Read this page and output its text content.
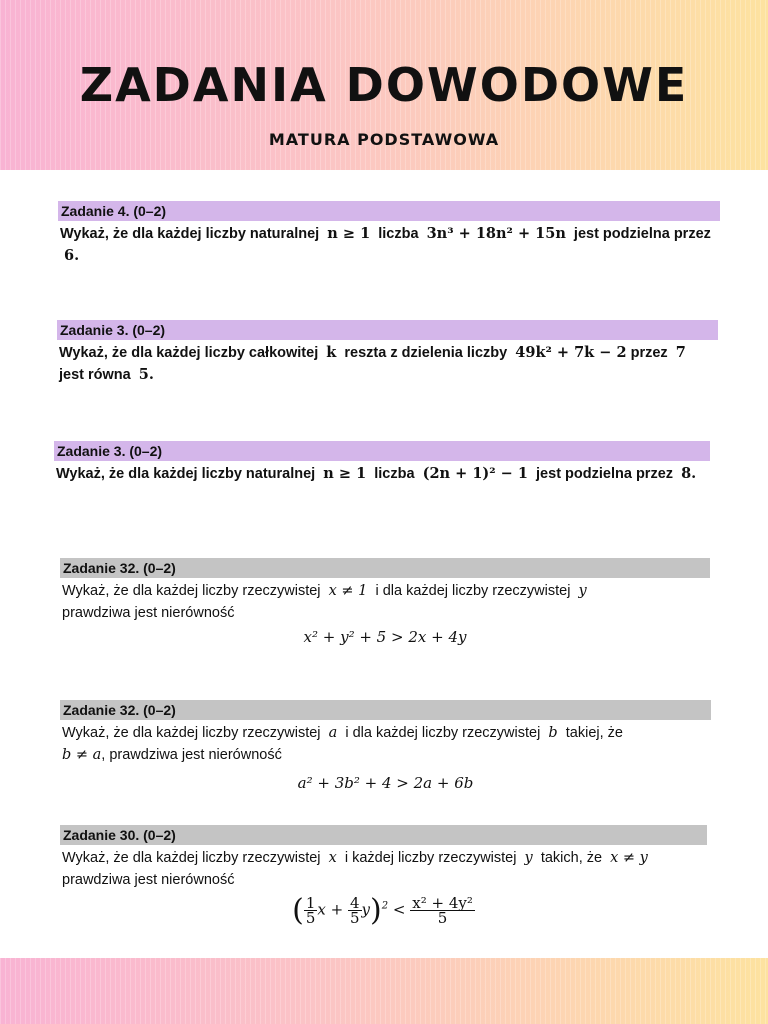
ZADANIA DOWODOWE
MATURA PODSTAWOWA
Zadanie 4. (0–2)
Wykaż, że dla każdej liczby naturalnej n ≥ 1 liczba 3n³ + 18n² + 15n jest podzielna przez  6.
Zadanie 3. (0–2)
Wykaż, że dla każdej liczby całkowitej k reszta z dzielenia liczby 49k² + 7k − 2 przez 7  jest równa 5.
Zadanie 3. (0–2)
Wykaż, że dla każdej liczby naturalnej n ≥ 1 liczba (2n + 1)² − 1 jest podzielna przez 8.
Zadanie 32. (0–2)
Wykaż, że dla każdej liczby rzeczywistej x ≠ 1 i dla każdej liczby rzeczywistej y
prawdziwa jest nierówność
x² + y² + 5 > 2x + 4y
Zadanie 32. (0–2)
Wykaż, że dla każdej liczby rzeczywistej a i dla każdej liczby rzeczywistej b takiej, że
b ≠ a, prawdziwa jest nierówność
a² + 3b² + 4 > 2a + 6b
Zadanie 30. (0–2)
Wykaż, że dla każdej liczby rzeczywistej x i każdej liczby rzeczywistej y takich, że x ≠ y
prawdziwa jest nierówność
( $\frac{1}{5}$ $x + \frac{4}{5} y)^2 < \frac{\text{x² + 4y²}}{5}$
